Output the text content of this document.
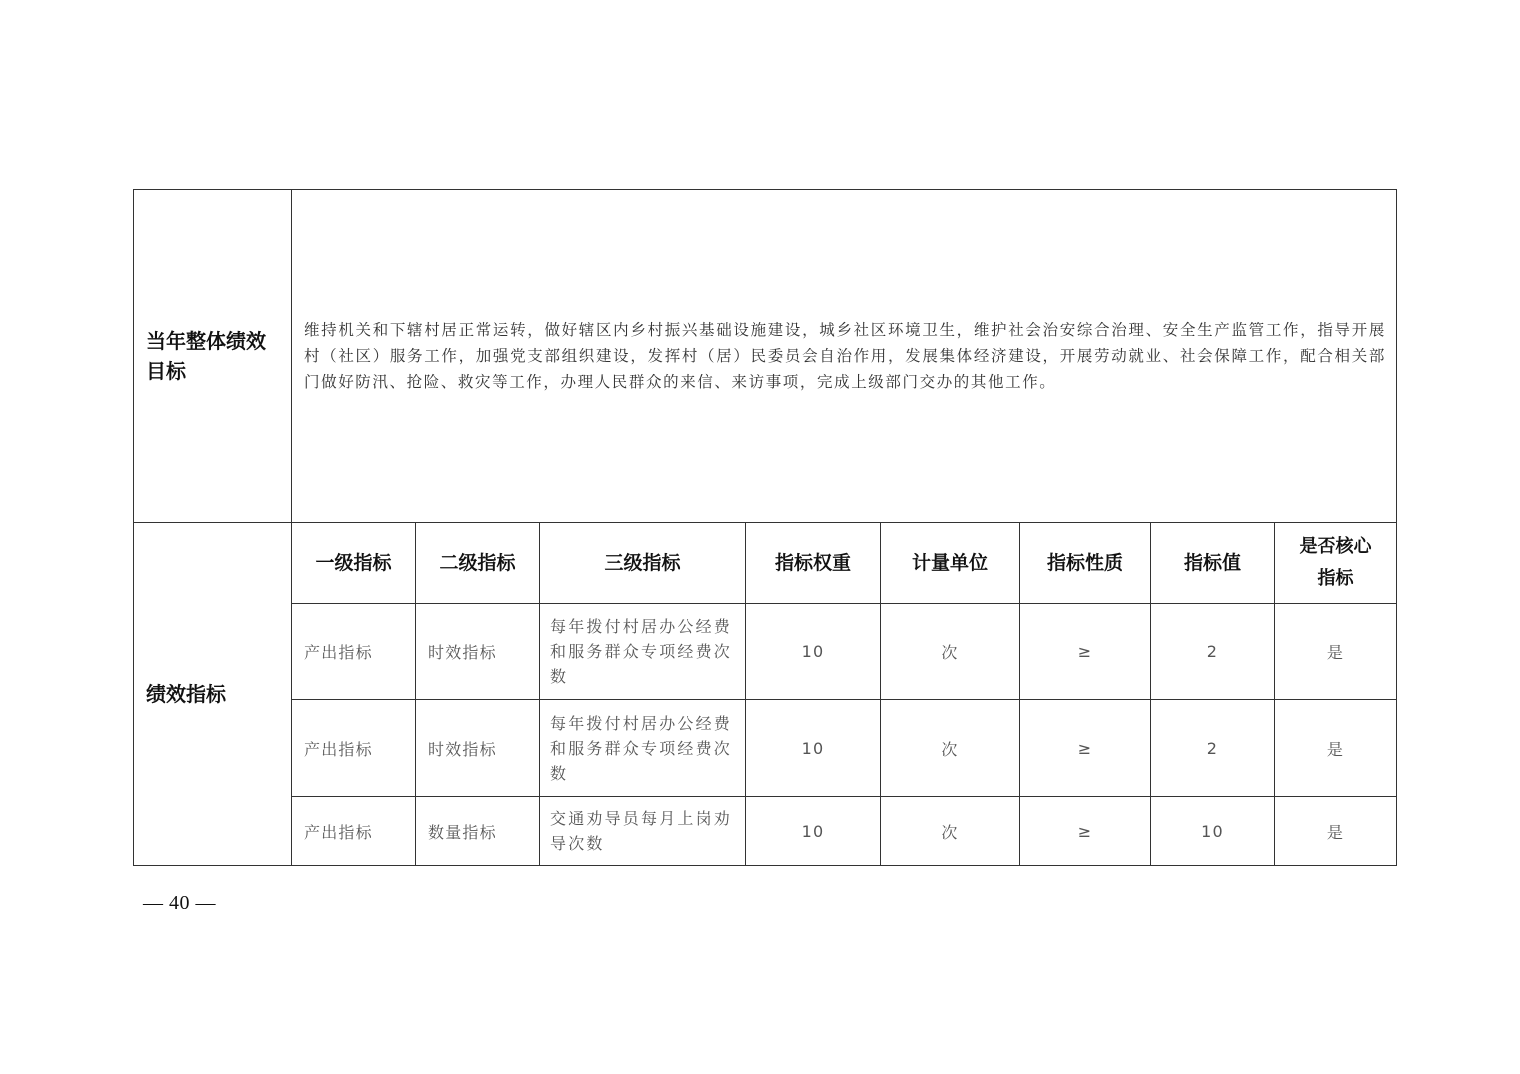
当年整体绩效目标	维持机关和下辖村居正常运转，做好辖区内乡村振兴基础设施建设，城乡社区环境卫生，维护社会治安综合治理、安全生产监管工作，指导开展村（社区）服务工作，加强党支部组织建设，发挥村（居）民委员会自治作用，发展集体经济建设，开展劳动就业、社会保障工作，配合相关部门做好防汛、抢险、救灾等工作，办理人民群众的来信、来访事项，完成上级部门交办的其他工作。							
绩效指标	一级指标	二级指标	三级指标	指标权重	计量单位	指标性质	指标值	是否核心指标
	产出指标	时效指标	每年拨付村居办公经费和服务群众专项经费次数	10	次	≥	2	是
	产出指标	时效指标	每年拨付村居办公经费和服务群众专项经费次数	10	次	≥	2	是
	产出指标	数量指标	交通劝导员每月上岗劝导次数	10	次	≥	10	是
— 40 —
